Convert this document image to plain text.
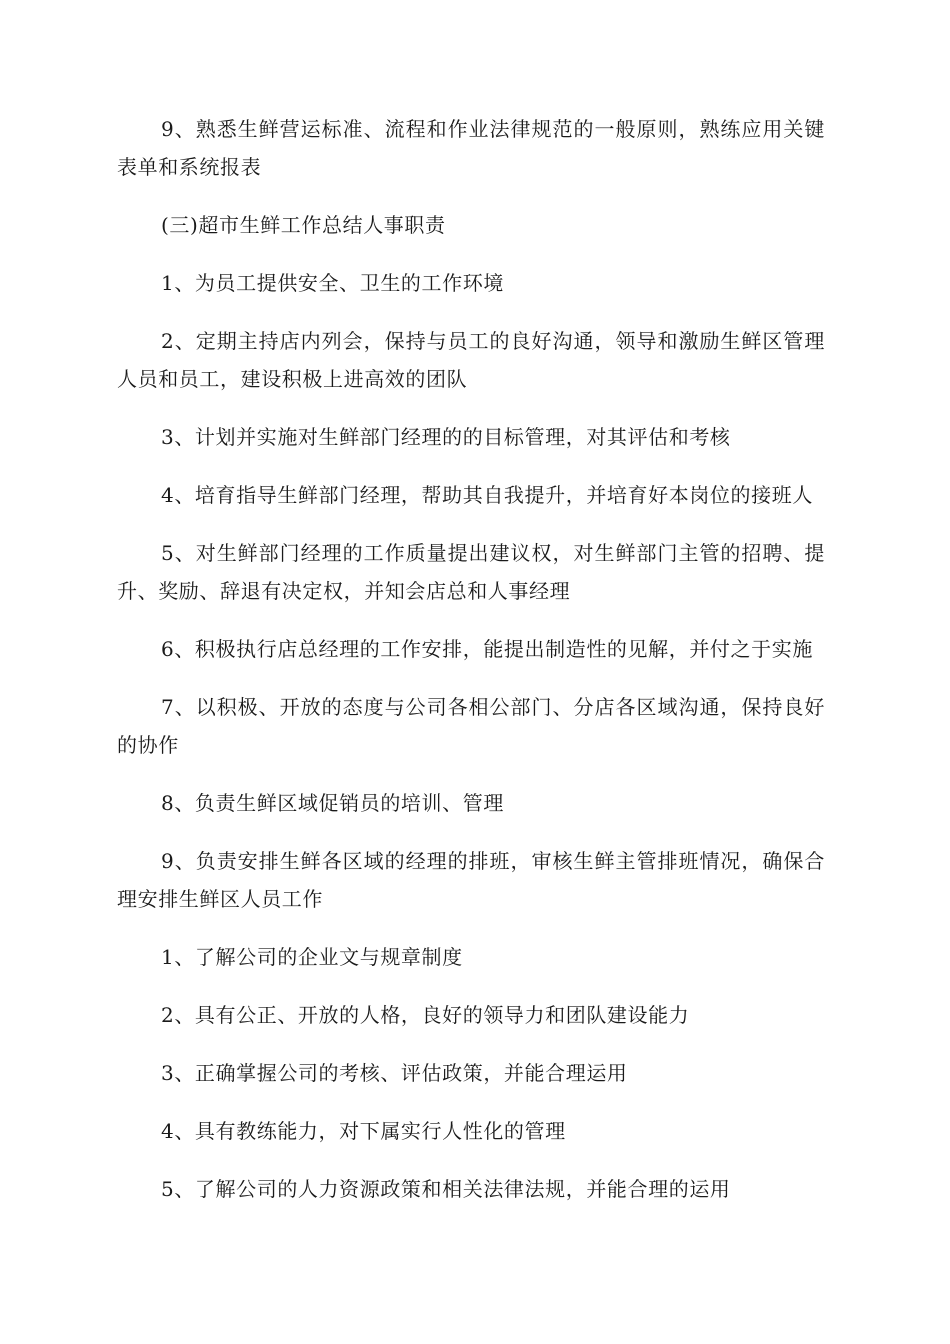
9、熟悉生鲜营运标准、流程和作业法律规范的一般原则，熟练应用关键表单和系统报表

(三)超市生鲜工作总结人事职责

1、为员工提供安全、卫生的工作环境

2、定期主持店内列会，保持与员工的良好沟通，领导和激励生鲜区管理人员和员工，建设积极上进高效的团队

3、计划并实施对生鲜部门经理的的目标管理，对其评估和考核

4、培育指导生鲜部门经理，帮助其自我提升，并培育好本岗位的接班人

5、对生鲜部门经理的工作质量提出建议权，对生鲜部门主管的招聘、提升、奖励、辞退有决定权，并知会店总和人事经理

6、积极执行店总经理的工作安排，能提出制造性的见解，并付之于实施

7、以积极、开放的态度与公司各相公部门、分店各区域沟通，保持良好的协作

8、负责生鲜区域促销员的培训、管理

9、负责安排生鲜各区域的经理的排班，审核生鲜主管排班情况，确保合理安排生鲜区人员工作

1、了解公司的企业文与规章制度

2、具有公正、开放的人格，良好的领导力和团队建设能力

3、正确掌握公司的考核、评估政策，并能合理运用

4、具有教练能力，对下属实行人性化的管理

5、了解公司的人力资源政策和相关法律法规，并能合理的运用
